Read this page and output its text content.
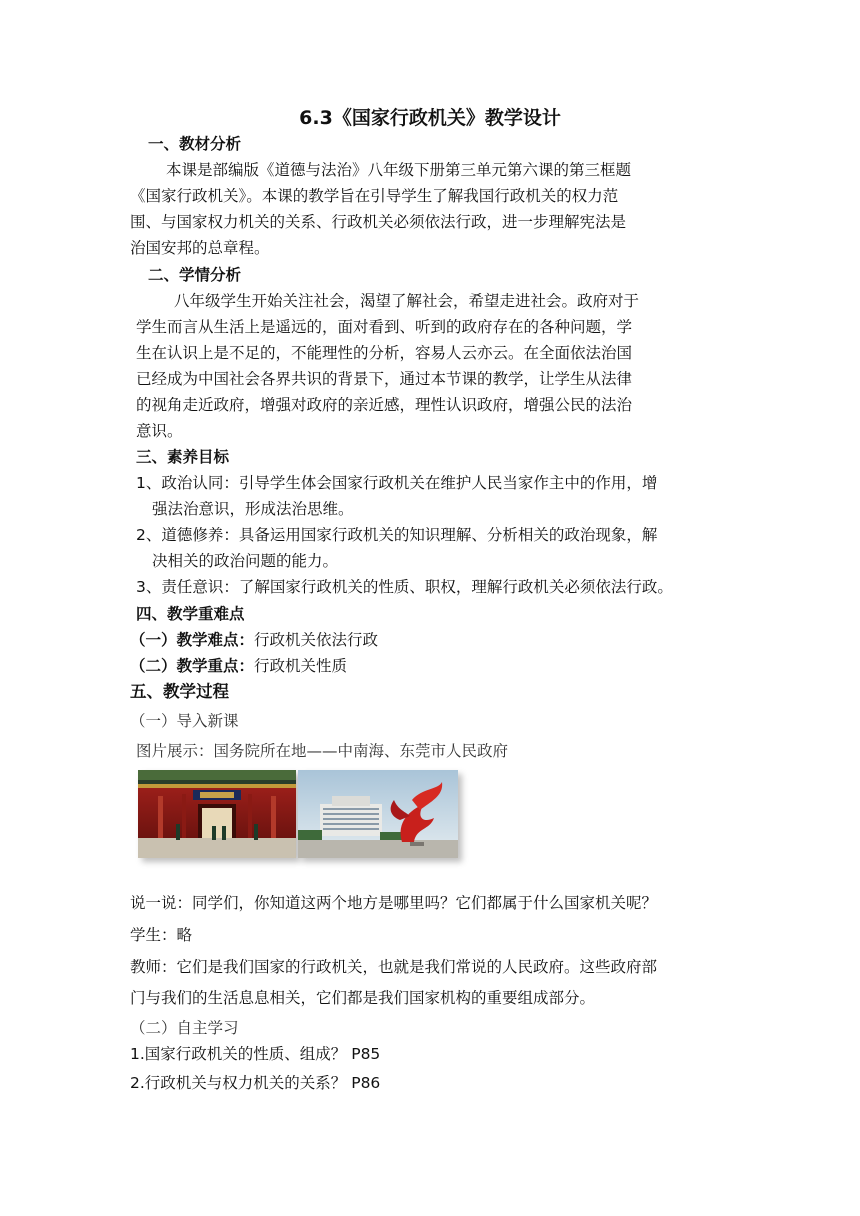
6.3《国家行政机关》教学设计
一、教材分析
本课是部编版《道德与法治》八年级下册第三单元第六课的第三框题
《国家行政机关》。本课的教学旨在引导学生了解我国行政机关的权力范
围、与国家权力机关的关系、行政机关必须依法行政，进一步理解宪法是
治国安邦的总章程。
二、学情分析
八年级学生开始关注社会，渴望了解社会，希望走进社会。政府对于
学生而言从生活上是遥远的，面对看到、听到的政府存在的各种问题，学
生在认识上是不足的，不能理性的分析，容易人云亦云。在全面依法治国
已经成为中国社会各界共识的背景下，通过本节课的教学，让学生从法律
的视角走近政府，增强对政府的亲近感，理性认识政府，增强公民的法治
意识。
三、素养目标
1、政治认同：引导学生体会国家行政机关在维护人民当家作主中的作用，增
强法治意识，形成法治思维。
2、道德修养：具备运用国家行政机关的知识理解、分析相关的政治现象，解
决相关的政治问题的能力。
3、责任意识：了解国家行政机关的性质、职权，理解行政机关必须依法行政。
四、教学重难点
（一）教学难点：行政机关依法行政
（二）教学重点：行政机关性质
五、教学过程
（一）导入新课
图片展示：国务院所在地——中南海、东莞市人民政府
说一说：同学们，你知道这两个地方是哪里吗？它们都属于什么国家机关呢？
学生：略
教师：它们是我们国家的行政机关，也就是我们常说的人民政府。这些政府部
门与我们的生活息息相关，它们都是我们国家机构的重要组成部分。
（二）自主学习
1.国家行政机关的性质、组成？ P85
2.行政机关与权力机关的关系？ P86
